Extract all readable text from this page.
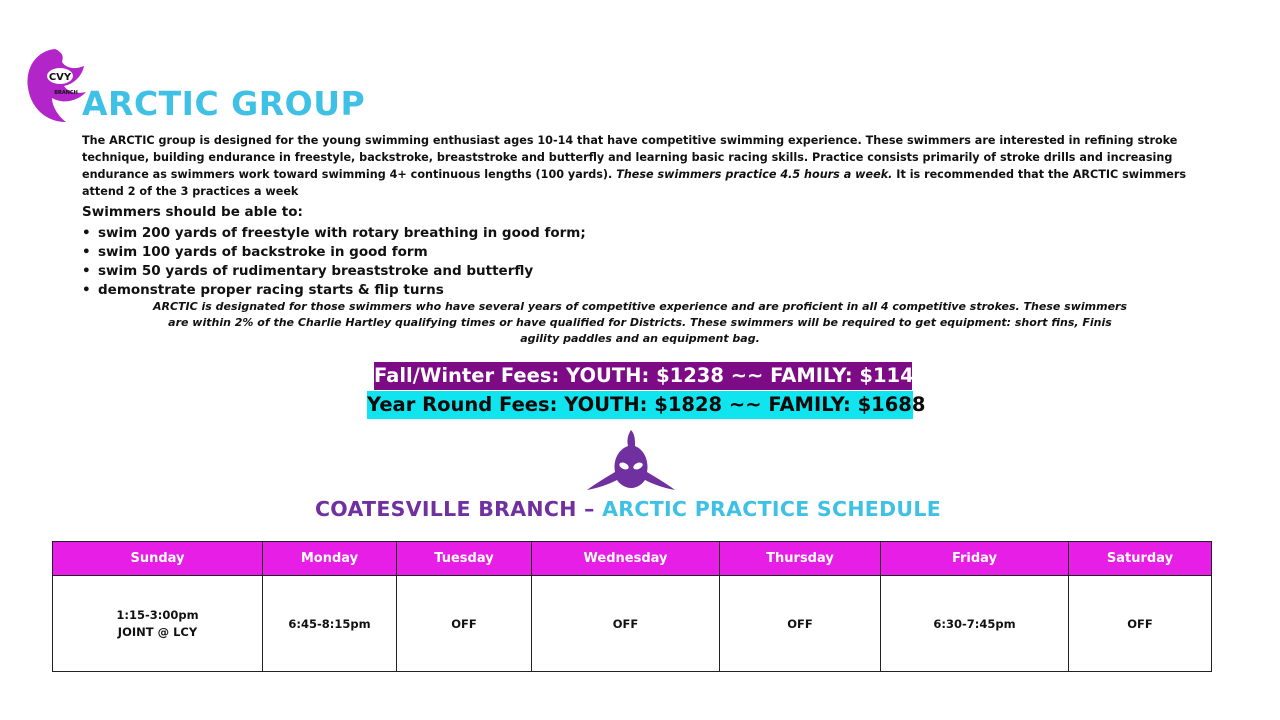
CVY
BRANCH ARCTIC GROUP
The ARCTIC group is designed for the young swimming enthusiast ages 10-14 that have competitive swimming experience. These swimmers are interested in refining stroke technique, building endurance in freestyle, backstroke, breaststroke and butterfly and learning basic racing skills. Practice consists primarily of stroke drills and increasing endurance as swimmers work toward swimming 4+ continuous lengths (100 yards). These swimmers practice 4.5 hours a week. It is recommended that the ARCTIC swimmers attend 2 of the 3 practices a week
Swimmers should be able to:
• swim 200 yards of freestyle with rotary breathing in good form;
• swim 100 yards of backstroke in good form
• swim 50 yards of rudimentary breaststroke and butterfly
• demonstrate proper racing starts & flip turns
ARCTIC is designated for those swimmers who have several years of competitive experience and are proficient in all 4 competitive strokes. These swimmers are within 2% of the Charlie Hartley qualifying times or have qualified for Districts. These swimmers will be required to get equipment: short fins, Finis agility paddles and an equipment bag.
Fall/Winter Fees: YOUTH: $1238 ~~ FAMILY: $1148
Year Round Fees: YOUTH: $1828 ~~ FAMILY: $1688
COATESVILLE BRANCH – ARCTIC PRACTICE SCHEDULE
Sunday	Monday	Tuesday	Wednesday	Thursday	Friday	Saturday

1:15-3:00pm
JOINT @ LCY	6:45-8:15pm	OFF	OFF	OFF	6:30-7:45pm	OFF
